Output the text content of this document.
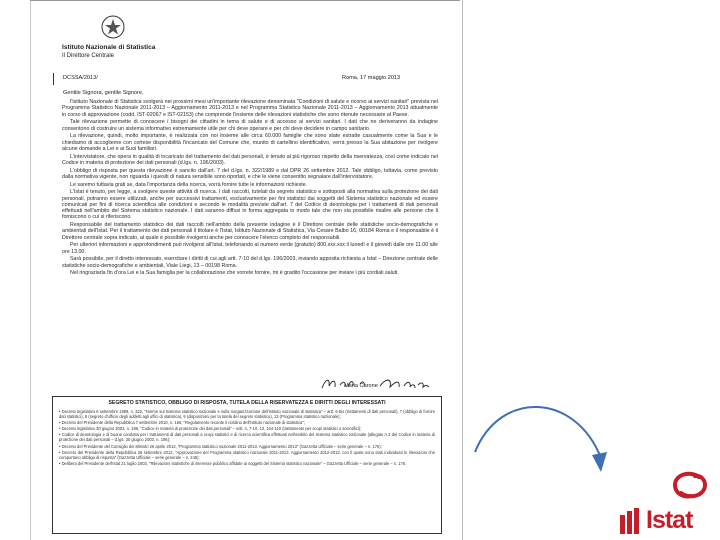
Istituto Nazionale di Statistica
Il Direttore Centrale
DCSSA/2013/	Roma, 17 maggio 2013
Gentile Signora, gentile Signore,

l'Istituto Nazionale di Statistica svolgerà nei prossimi mesi un'importante rilevazione denominata "Condizioni di salute e ricorso ai servizi sanitari" prevista nel Programma Statistico Nazionale 2011-2013 – Aggiornamento 2011-2013 e nel Programma Statistico Nazionale 2011-2013 – Aggiornamento 2013 attualmente in corso di approvazione (codd. IST-02067 e IST-02153) che comprende l'insieme delle rilevazioni statistiche che sono ritenute necessarie al Paese.

Tale rilevazione permette di conoscere i bisogni dei cittadini in tema di salute e di accesso ai servizi sanitari. I dati che ne deriveranno da indagine consentono di costruire un sistema informativo estremamente utile per chi deve operare e per chi deve decidere in campo sanitario.

La rilevazione, quindi, molto importante, è realizzata con noi insieme alle circa 60.000 famiglie che sono state estratte casualmente come la Sua e le chiediamo di accoglierne con cortese disponibilità l'incaricato del Comune che, munito di cartellino identificativo, verrà presso la Sua abitazione per rivolgere alcune domande a Lei e ai Suoi familiari.

L'intervistatore, che opera in qualità di incaricato del trattamento dei dati personali, è tenuto al più rigoroso rispetto della riservatezza, così come indicato nel Codice in materia di protezione dei dati personali (d.lgs. n. 196/2003).

L'obbligo di risposta per questa rilevazione è sancito dall'art. 7 del d.lgs. n. 322/1989 e dal DPR 26 settembre 2012. Tale obbligo, tuttavia, come previsto dalla normativa vigente, non riguarda i quesiti di natura sensibile sono riportati, e che le viene consentito segnalare dall'intervistatore.

Le saremo tuttavia grati se, data l'importanza della ricerca, vorrà fornire tutte le informazioni richieste.

L'Istat è tenuto, per legge, a svolgere queste attività di ricerca. I dati raccolti, tutelati da segreto statistico e sottoposti alla normativa sulla protezione dei dati personali, potranno essere utilizzati, anche per successivi trattamenti, esclusivamente per fini statistici dai soggetti del Sistema statistico nazionale ed essere comunicati per fini di ricerca scientifica alle condizioni e secondo le modalità previste dall'art. 7 del Codice di deontologia per i trattamenti di dati personali effettuati nell'ambito del Sistema statistico nazionale. I dati saranno diffusi in forma aggregata in modo tale che non sia possibile risalire alle persone che li forniscono o cui si riferiscono.

Responsabile del trattamento statistico dei dati raccolti nell'ambito della presente indagine è il Direttore centrale delle statistiche socio-demografiche e ambientali dell'Istat. Per il trattamento dei dati personali il titolare è l'Istat, Istituto Nazionale di Statistica, Via Cesare Balbo 16, 00184 Roma e il responsabile è il Direttore centrale sopra indicato, al quale è possibile rivolgersi anche per conoscere l'elenco completo dei responsabili.

Per ulteriori informazioni e approfondimenti può rivolgersi all'Istat, telefonando al numero verde (gratuito) 800.xxx.xxx il lunedì e il giovedì dalle ore 11.00 alle ore 13.00.

Sarà possibile, per il diretto interessato, esercitare i diritti di cui agli artt. 7-10 del d.lgs. 196/2003, inviando apposita richiesta a Istat – Direzione centrale delle statistiche socio-demografiche e ambientali, Viale Liegi, 13 – 00198 Roma.

Nel ringraziarla fin d'ora Lei e la Sua famiglia per la collaborazione che vorrete fornire, mi è gradito l'occasione per inviare i più cordiali saluti.

Maria Carone
SEGRETO STATISTICO, OBBLIGO DI RISPOSTA, TUTELA DELLA RISERVATEZZA E DIRITTI DEGLI INTERESSATI

• Decreto legislativo 6 settembre 1989, n. 322, "Norme sul Sistema statistico nazionale e sulla riorganizzazione dell'Istituto nazionale di statistica" – artt. 6-bis (trattamenti di dati personali), 7 (obbligo di fornire dati statistici), 8 (segreto d'ufficio degli addetti agli uffici di statistica), 9 (disposizioni per la tutela del segreto statistico), 13 (Programma statistico nazionale);

• Decreto del Presidente della Repubblica 7 settembre 2010, n. 166, "Regolamento recante il riordino dell'Istituto nazionale di statistica";

• Decreto legislativo 30 giugno 2003, n. 196, "Codice in materia di protezione dei dati personali" – artt. 4, 7-10, 13, 104-110 (trattamento per scopi statistici o scientifici);

• Codice di deontologia e di buona condotta per i trattamenti di dati personali a scopi statistici e di ricerca scientifica effettuati nell'ambito del Sistema statistico nazionale (allegato A.3 del Codice in materia di protezione dei dati personali – d.lgs. 30 giugno 2003, n. 196);

• Decreto del Presidente del Consiglio dei Ministri 26 aprile 2013, "Programma statistico nazionale 2011-2013. Aggiornamento 2013" (Gazzetta Ufficiale – serie generale – n. 176);

• Decreto del Presidente della Repubblica 26 settembre 2012, "Approvazione del Programma statistico nazionale 2011-2013. Aggiornamento 2012-2013, con il quale sono stati individuati le rilevazioni che comportano obbligo di risposta" (Gazzetta Ufficiale – serie generale – n. 245);

• Delibera del Presidente dell'Istat 21 luglio 2003, "Rilevazioni statistiche di interesse pubblico affidate ai soggetti del Sistema statistico nazionale" – Gazzetta Ufficiale – serie generale – n. 176.

Istat
